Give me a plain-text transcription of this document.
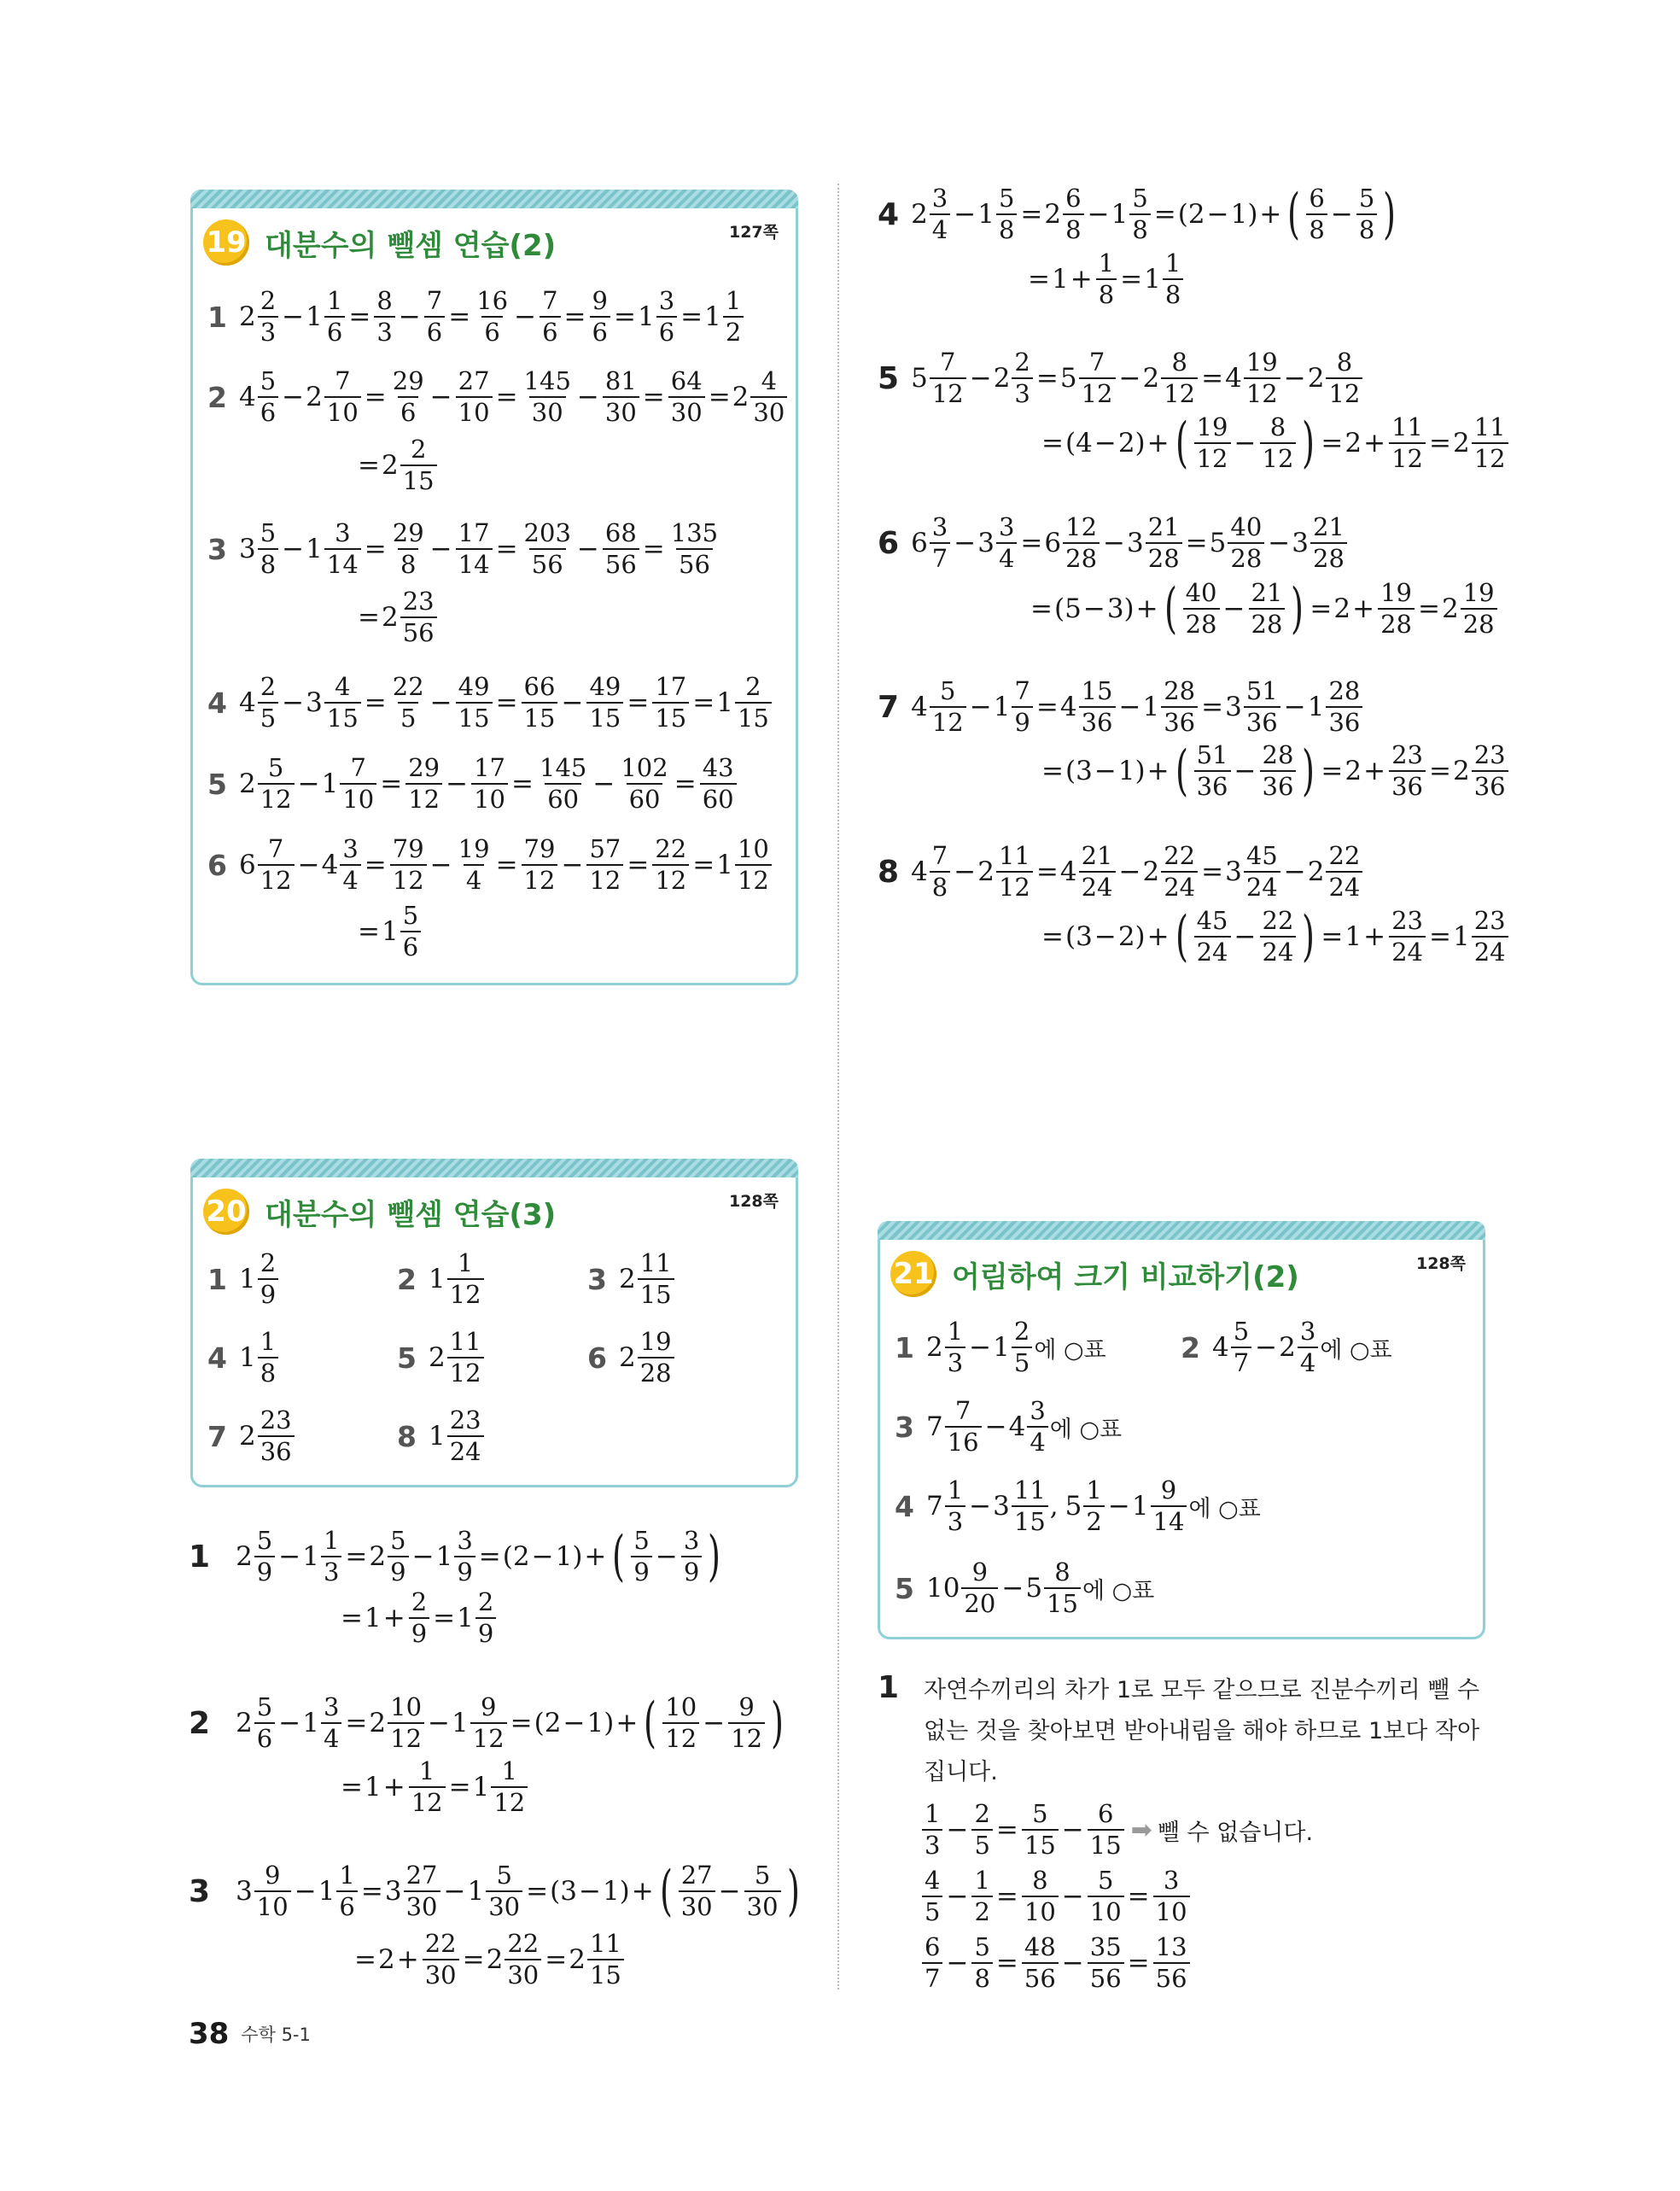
19 대분수의 뺄셈 연습(2)	127쪽
1 2
2
$3 - 1 \frac{1}{6} = \frac{8}{3} - \frac{7}{6} = \frac{16}{6} - \frac{7}{6} = \frac{9}{6} = 1 \frac{3}{6} = 1$
1
2
2 4
5
$6 - 2 \frac{7}{10} = \frac{29}{6} - \frac{27}{10} = \frac{145}{30} - \frac{81}{30} = \frac{64}{30} = 2$
4
30
= 2
2
15
3 3
5
$8 - 1 \frac{3}{14} = \frac{29}{8} - \frac{17}{14} = \frac{203}{56} - \frac{68}{56} = \frac{135}{56}$
= 2
23
56
4 4
2
$5 - 3 \frac{4}{15} = \frac{22}{5} - \frac{49}{15} = \frac{66}{15} - \frac{49}{15} = \frac{17}{15} = 1$
2
15
5 2
5
$12 - 1 \frac{7}{10} = \frac{29}{12} - \frac{17}{10} = \frac{145}{60} - \frac{102}{60} = \frac{43}{60}$
6 6
7
$12 - 4 \frac{3}{4} = \frac{79}{12} - \frac{19}{4} = \frac{79}{12} - \frac{57}{12} = \frac{22}{12} = 1$
10
12
= 1
5
6
4 2
3
$4 - 1 \frac{5}{8} = 2$
6
$8 - 1 \frac{5}{8}$ = ( 2 − 1 ) + ( 6
$8 - \frac{5}{8}$ )
= $1 + \frac{1}{8} = 1$
1
8
5 5
7
$12 - 2 \frac{2}{3} = 5$
7
$12 - 2 \frac{8}{12} = 4$
19
12 − 2
8
12
= ( 4 − 2 ) + ( 19
$12 - \frac{8}{12}$ ) = $2 + \frac{11}{12} = 2$
11
12
6 6
3
$7 - 3 \frac{3}{4} = 6$
12
$28 - 3 \frac{21}{28} = 5$
40
28 − 3
21
28
= ( 5 − 3 ) + ( 40
$28 - \frac{21}{28}$ ) = $2 + \frac{19}{28} = 2$
19
28
7 4
5
$12 - 1 \frac{7}{9} = 4$
15
$36 - 1 \frac{28}{36} = 3$
51
36 − 1
28
36
= ( 3 − 1 ) + ( 51
$36 - \frac{28}{36}$ ) = $2 + \frac{23}{36} = 2$
23
36
8 4
7
$8 - 2 \frac{11}{12} = 4$
21
$24 - 2 \frac{22}{24} = 3$
45
24 − 2
22
24
= ( 3 − 2 ) + ( 45
$24 - \frac{22}{24}$ ) = $1 + \frac{23}{24} = 1$
23
24
20 대분수의 뺄셈 연습(3)	128쪽
1 1
2
9	2 1
1
12	3 2
11
15
4 1
1
8	5 2
11
12	6 2
19
28
7 2
23
36	8 1
23
24
1 2
5
$9 - 1 \frac{1}{3} = 2$
5
$9 - 1 \frac{3}{9}$ = ( 2 − 1 ) + ( 5
$9 - \frac{3}{9}$ )
= $1 + \frac{2}{9} = 1$
2
9
2 2
5
$6 - 1 \frac{3}{4} = 2$
10
$12 - 1 \frac{9}{12}$ = ( 2 − 1 ) + ( 10
$12 - \frac{9}{12}$ )
= $1 + \frac{1}{12} = 1$
1
12
3 3
9
$10 - 1 \frac{1}{6} = 3$
27
$30 - 1 \frac{5}{30}$ = ( 3 − 1 ) + ( 27
$30 - \frac{5}{30}$ )
= $2 + \frac{22}{30} = 2 \frac{22}{30} = 2$
11
15
21 어림하여 크기 비교하기(2)	128쪽
1 2
1
3 − 1
2
5 에 ○표	2 4
5
7 − 2
3
4 에 ○표
3 7
7
16 − 4
3
4 에 ○표
4 7
1
3 − 3
11
15 , 5
1
2 − 1
9
14 에 ○표
5 10
9
20 − 5
8
15 에 ○표
1 자연수끼리의 차가 1로 모두 같으므로 진분수끼리 뺄 수
없는 것을 찾아보면 받아내림을 해야 하므로 1보다 작아
집니다.
1
$3 - \frac{2}{5} = \frac{5}{15} - \frac{6}{15}$ ➡ 뺄 수 없습니다.
4
$5 - \frac{1}{2} = \frac{8}{10} - \frac{5}{10} = \frac{3}{10}$
6
$7 - \frac{5}{8} = \frac{48}{56} - \frac{35}{56} = \frac{13}{56}$
38 수학 5-1
